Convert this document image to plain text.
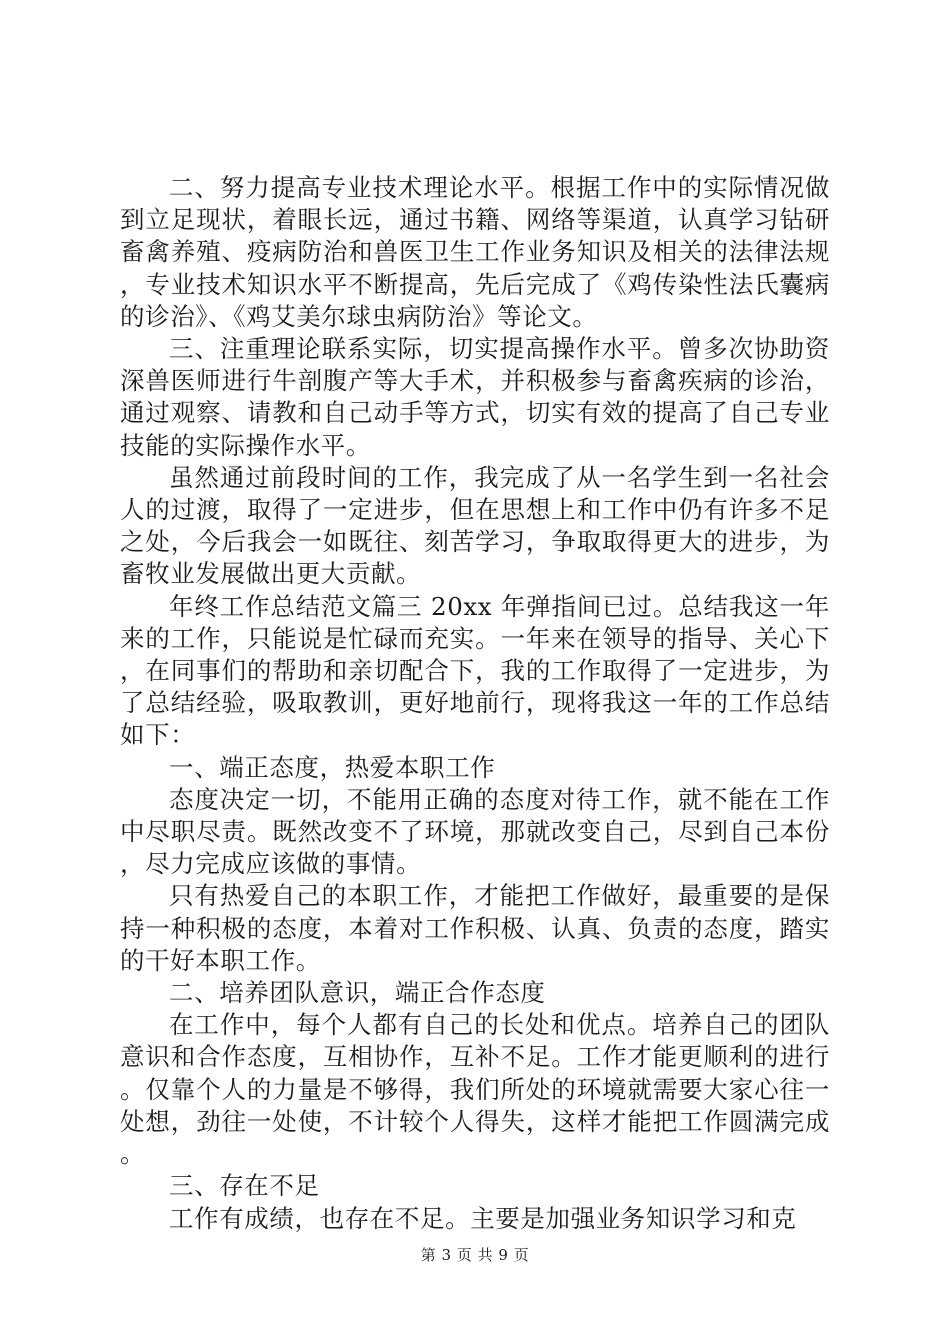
二、努力提高专业技术理论水平。根据工作中的实际情况做到立足现状，着眼长远，通过书籍、网络等渠道，认真学习钻研畜禽养殖、疫病防治和兽医卫生工作业务知识及相关的法律法规，专业技术知识水平不断提高，先后完成了《鸡传染性法氏囊病的诊治》、《鸡艾美尔球虫病防治》等论文。

三、注重理论联系实际，切实提高操作水平。曾多次协助资深兽医师进行牛剖腹产等大手术，并积极参与畜禽疾病的诊治，通过观察、请教和自己动手等方式，切实有效的提高了自己专业技能的实际操作水平。

虽然通过前段时间的工作，我完成了从一名学生到一名社会人的过渡，取得了一定进步，但在思想上和工作中仍有许多不足之处，今后我会一如既往、刻苦学习，争取取得更大的进步，为畜牧业发展做出更大贡献。

年终工作总结范文篇三 20xx 年弹指间已过。总结我这一年来的工作，只能说是忙碌而充实。一年来在领导的指导、关心下，在同事们的帮助和亲切配合下，我的工作取得了一定进步，为了总结经验，吸取教训，更好地前行，现将我这一年的工作总结如下：

一、端正态度，热爱本职工作

态度决定一切，不能用正确的态度对待工作，就不能在工作中尽职尽责。既然改变不了环境，那就改变自己，尽到自己本份，尽力完成应该做的事情。

只有热爱自己的本职工作，才能把工作做好，最重要的是保持一种积极的态度，本着对工作积极、认真、负责的态度，踏实的干好本职工作。

二、培养团队意识，端正合作态度

在工作中，每个人都有自己的长处和优点。培养自己的团队意识和合作态度，互相协作，互补不足。工作才能更顺利的进行。仅靠个人的力量是不够得，我们所处的环境就需要大家心往一处想，劲往一处使，不计较个人得失，这样才能把工作圆满完成。

三、存在不足

工作有成绩，也存在不足。主要是加强业务知识学习和克

第 3 页 共 9 页
